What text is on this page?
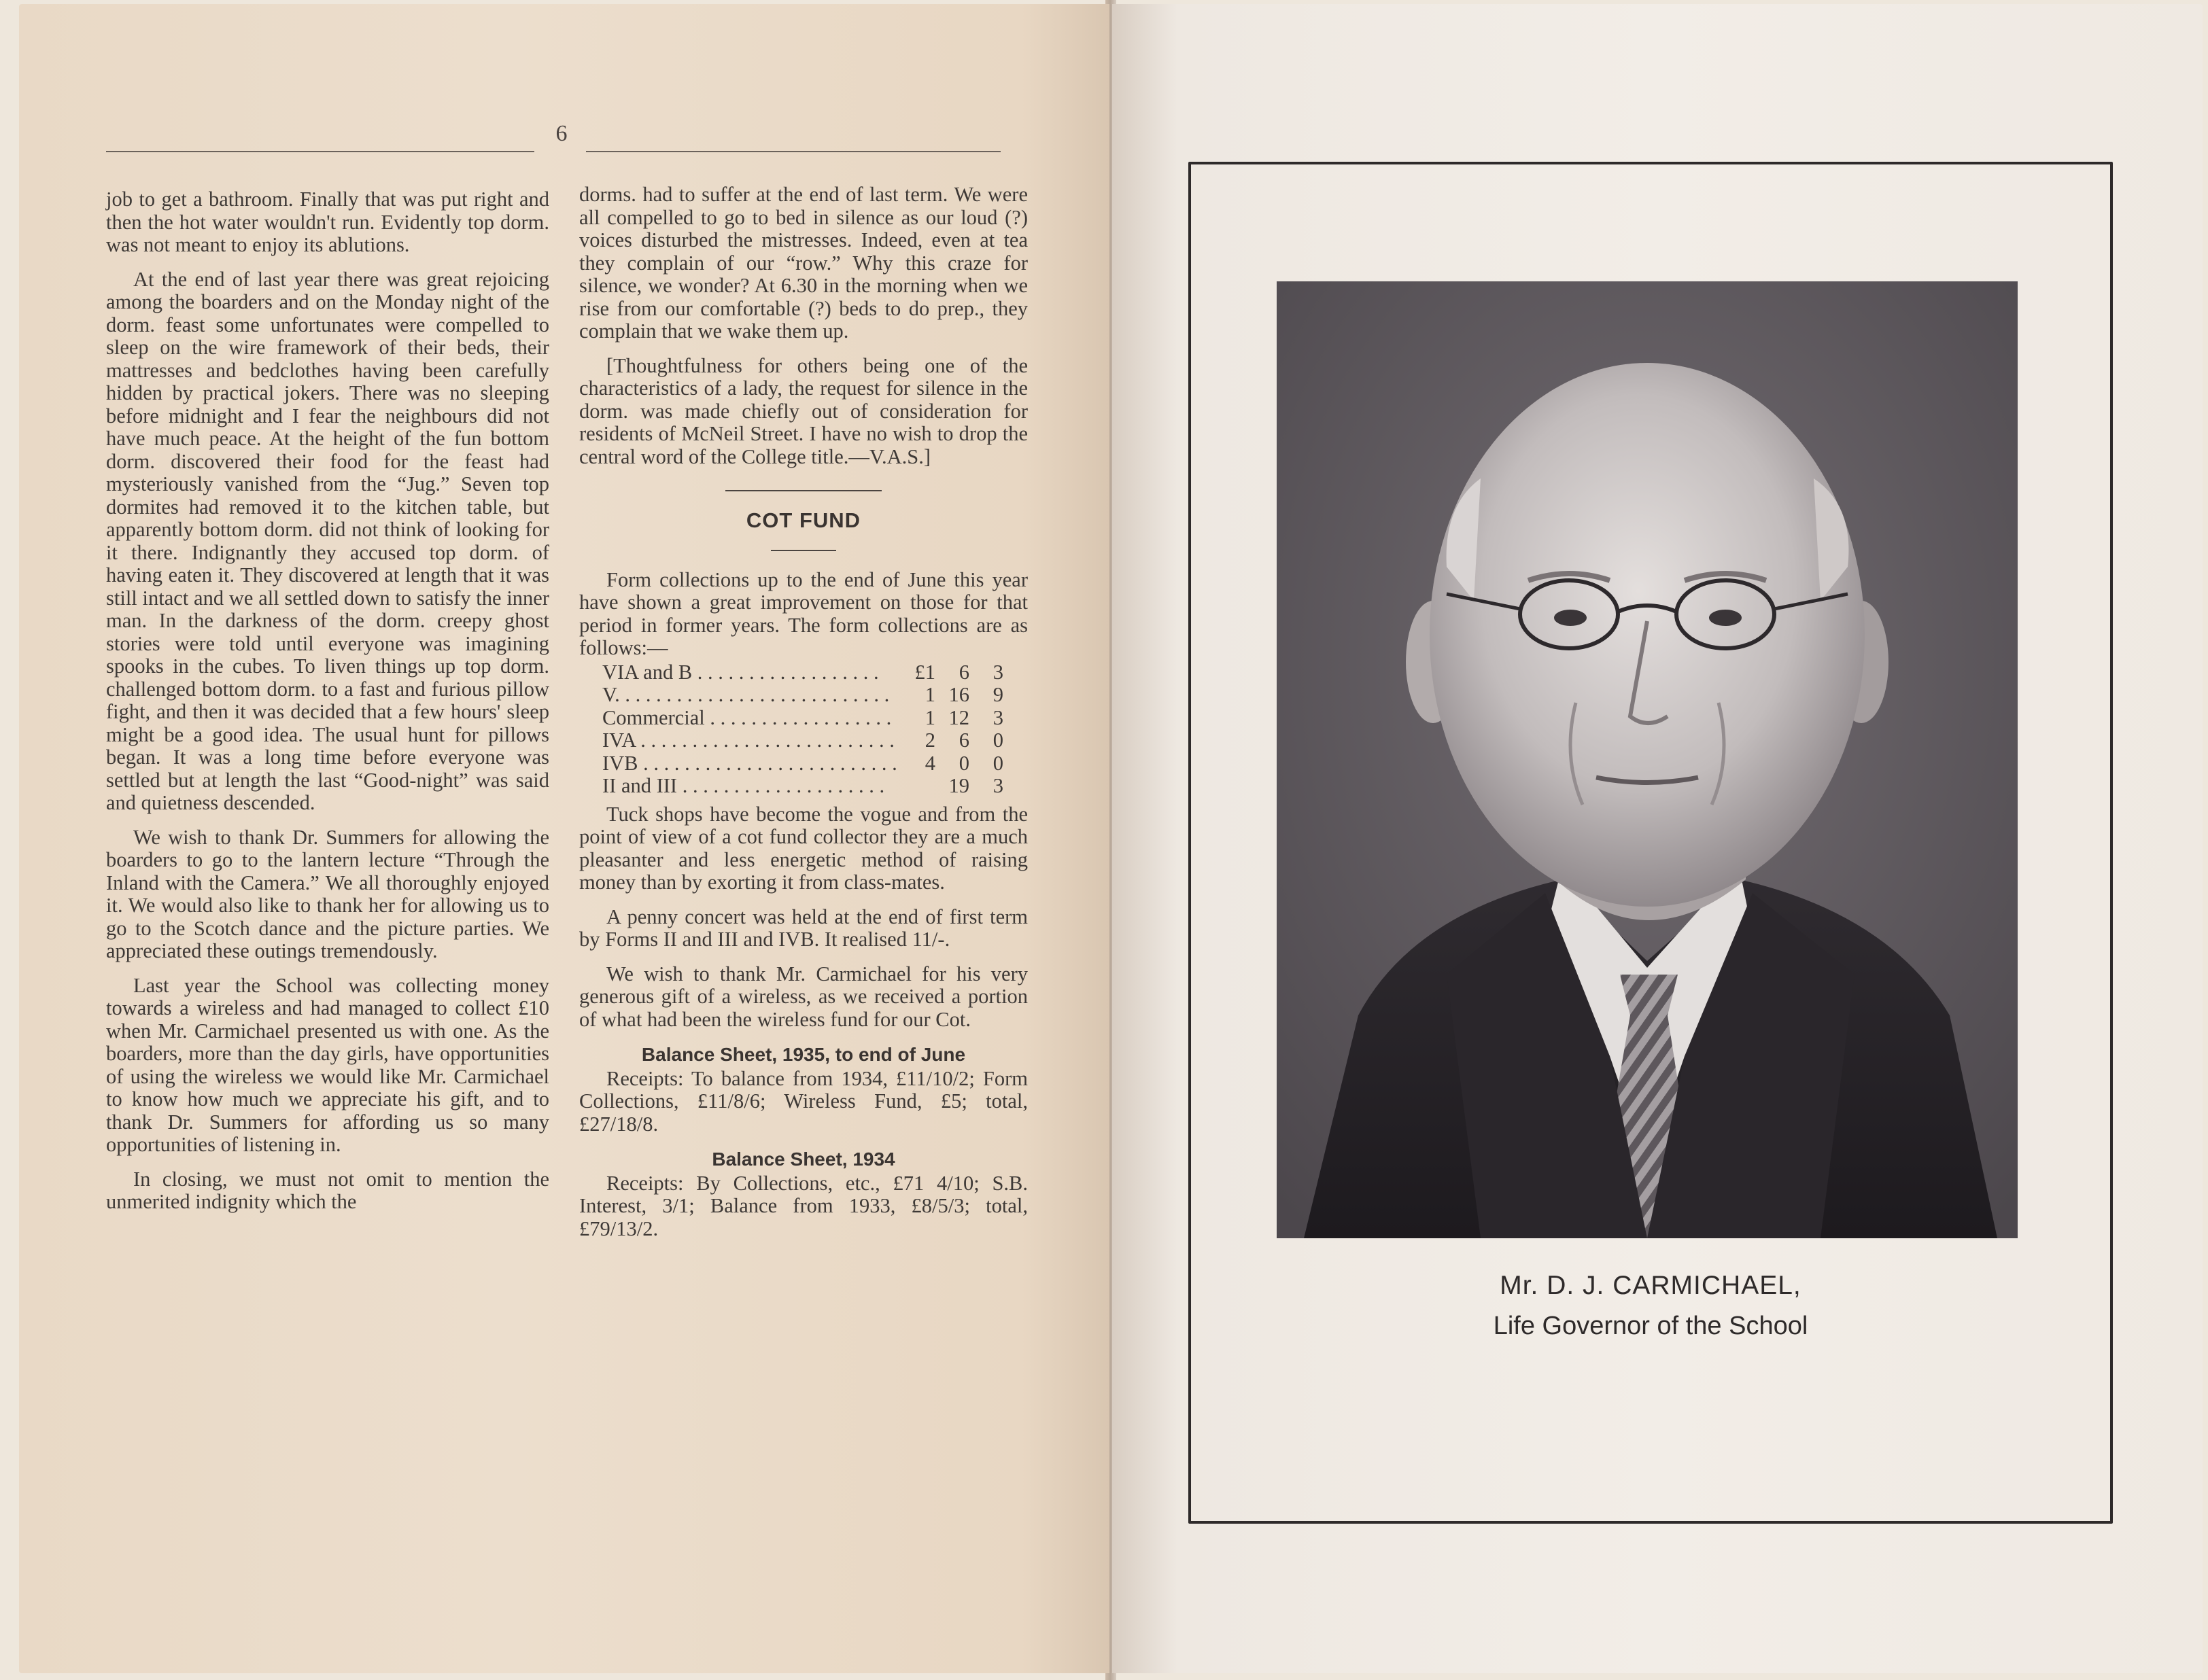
6

job to get a bathroom. Finally that was put right and then the hot water wouldn't run. Evidently top dorm. was not meant to enjoy its ablutions.

At the end of last year there was great rejoicing among the boarders and on the Monday night of the dorm. feast some unfortunates were compelled to sleep on the wire framework of their beds, their mattresses and bedclothes having been carefully hidden by practical jokers. There was no sleeping before midnight and I fear the neighbours did not have much peace. At the height of the fun bottom dorm. discovered their food for the feast had mysteriously vanished from the “Jug.” Seven top dormites had removed it to the kitchen table, but apparently bottom dorm. did not think of looking for it there. Indignantly they accused top dorm. of having eaten it. They discovered at length that it was still intact and we all settled down to satisfy the inner man. In the darkness of the dorm. creepy ghost stories were told until everyone was imagining spooks in the cubes. To liven things up top dorm. challenged bottom dorm. to a fast and furious pillow fight, and then it was decided that a few hours' sleep might be a good idea. The usual hunt for pillows began. It was a long time before everyone was settled but at length the last “Good-night” was said and quietness descended.

We wish to thank Dr. Summers for allowing the boarders to go to the lantern lecture “Through the Inland with the Camera.” We all thoroughly enjoyed it. We would also like to thank her for allowing us to go to the Scotch dance and the picture parties. We appreciated these outings tremendously.

Last year the School was collecting money towards a wireless and had managed to collect £10 when Mr. Carmichael presented us with one. As the boarders, more than the day girls, have opportunities of using the wireless we would like Mr. Carmichael to know how much we appreciate his gift, and to thank Dr. Summers for affording us so many opportunities of listening in.

In closing, we must not omit to mention the unmerited indignity which the

dorms. had to suffer at the end of last term. We were all compelled to go to bed in silence as our loud (?) voices disturbed the mistresses. Indeed, even at tea they complain of our “row.” Why this craze for silence, we wonder? At 6.30 in the morning when we rise from our comfortable (?) beds to do prep., they complain that we wake them up.

[Thoughtfulness for others being one of the characteristics of a lady, the request for silence in the dorm. was made chiefly out of consideration for residents of McNeil Street. I have no wish to drop the central word of the College title.—V.A.S.]

COT FUND

Form collections up to the end of June this year have shown a great improvement on those for that period in former years. The form collections are as follows:—

VIA and B . . . . . . . . . . . . . . . . . .	£1	6	3
V. . . . . . . . . . . . . . . . . . . . . . . . . . .	1	16	9
Commercial . . . . . . . . . . . . . . . . . .	1	12	3
IVA . . . . . . . . . . . . . . . . . . . . . . . . .	2	6	0
IVB . . . . . . . . . . . . . . . . . . . . . . . . .	4	0	0
II and III . . . . . . . . . . . . . . . . . . . .		19	3

Tuck shops have become the vogue and from the point of view of a cot fund collector they are a much pleasanter and less energetic method of raising money than by exorting it from class-mates.

A penny concert was held at the end of first term by Forms II and III and IVB. It realised 11/-.

We wish to thank Mr. Carmichael for his very generous gift of a wireless, as we received a portion of what had been the wireless fund for our Cot.

Balance Sheet, 1935, to end of June

Receipts: To balance from 1934, £11/10/2; Form Collections, £11/8/6; Wireless Fund, £5; total, £27/18/8.

Balance Sheet, 1934

Receipts: By Collections, etc., £71 4/10; S.B. Interest, 3/1; Balance from 1933, £8/5/3; total, £79/13/2.

Mr. D. J. CARMICHAEL,
Life Governor of the School
